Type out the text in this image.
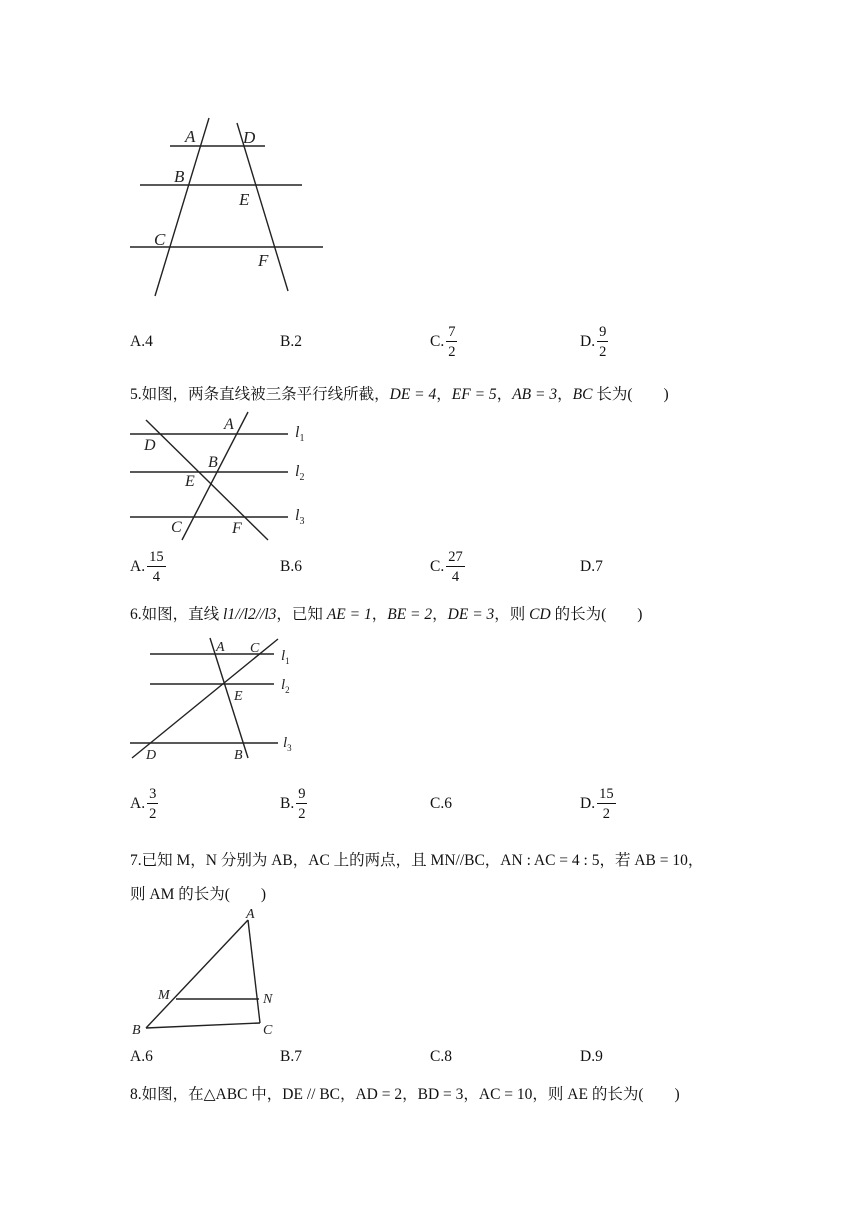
A	D
B
E
C
F
A. 4	B. 2	C. $\frac{7}{2}$	D. $\frac{9}{2}$
5.如图，两条直线被三条平行线所截，DE = 4，EF = 5，AB = 3，BC 长为(　　)
D
A
B
E
C	F
$l_1$
$l_2$
$l_3$
A. $\frac{15}{4}$	B. 6	C. $\frac{27}{4}$	D. 7
6.如图，直线 l1//l2//l3，已知 AE = 1，BE = 2，DE = 3，则 CD 的长为(　　)
A C $l_1$
E
$l_2$
D	B
$l_3$
A. $\frac{3}{2}$	B. $\frac{9}{2}$	C. 6	D. $\frac{15}{2}$
7.已知 M，N 分别为 AB，AC 上的两点，且 MN//BC，AN : AC = 4 : 5，若 AB = 10，
则 AM 的长为(　　)
A
M	N
B	C
A. 6	B. 7	C. 8	D. 9
8.如图，在△ABC 中，DE // BC，AD = 2，BD = 3，AC = 10，则 AE 的长为(　　)
